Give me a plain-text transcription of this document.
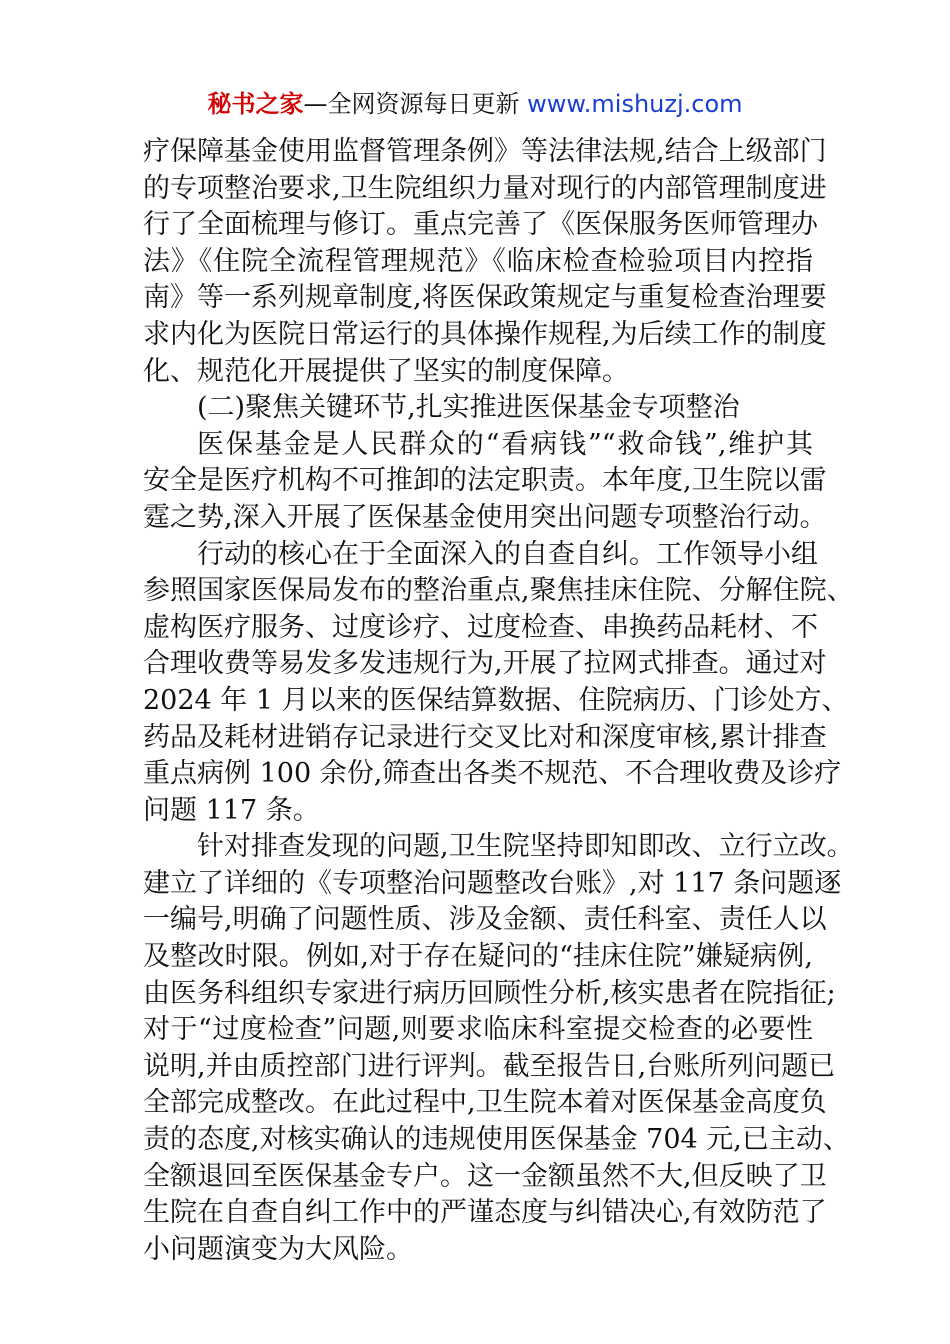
秘书之家—全网资源每日更新 www.mishuzj.com
疗保障基金使用监督管理条例》等法律法规,结合上级部门
的专项整治要求,卫生院组织力量对现行的内部管理制度进
行了全面梳理与修订。重点完善了《医保服务医师管理办
法》《住院全流程管理规范》《临床检查检验项目内控指
南》等一系列规章制度,将医保政策规定与重复检查治理要
求内化为医院日常运行的具体操作规程,为后续工作的制度
化、规范化开展提供了坚实的制度保障。
(二)聚焦关键环节,扎实推进医保基金专项整治
医保基金是人民群众的“看病钱”“救命钱”,维护其
安全是医疗机构不可推卸的法定职责。本年度,卫生院以雷
霆之势,深入开展了医保基金使用突出问题专项整治行动。
行动的核心在于全面深入的自查自纠。工作领导小组
参照国家医保局发布的整治重点,聚焦挂床住院、分解住院、
虚构医疗服务、过度诊疗、过度检查、串换药品耗材、不
合理收费等易发多发违规行为,开展了拉网式排查。通过对
2024 年 1 月以来的医保结算数据、住院病历、门诊处方、
药品及耗材进销存记录进行交叉比对和深度审核,累计排查
重点病例 100 余份,筛查出各类不规范、不合理收费及诊疗
问题 117 条。
针对排查发现的问题,卫生院坚持即知即改、立行立改。
建立了详细的《专项整治问题整改台账》,对 117 条问题逐
一编号,明确了问题性质、涉及金额、责任科室、责任人以
及整改时限。例如,对于存在疑问的“挂床住院”嫌疑病例,
由医务科组织专家进行病历回顾性分析,核实患者在院指征;
对于“过度检查”问题,则要求临床科室提交检查的必要性
说明,并由质控部门进行评判。截至报告日,台账所列问题已
全部完成整改。在此过程中,卫生院本着对医保基金高度负
责的态度,对核实确认的违规使用医保基金 704 元,已主动、
全额退回至医保基金专户。这一金额虽然不大,但反映了卫
生院在自查自纠工作中的严谨态度与纠错决心,有效防范了
小问题演变为大风险。
